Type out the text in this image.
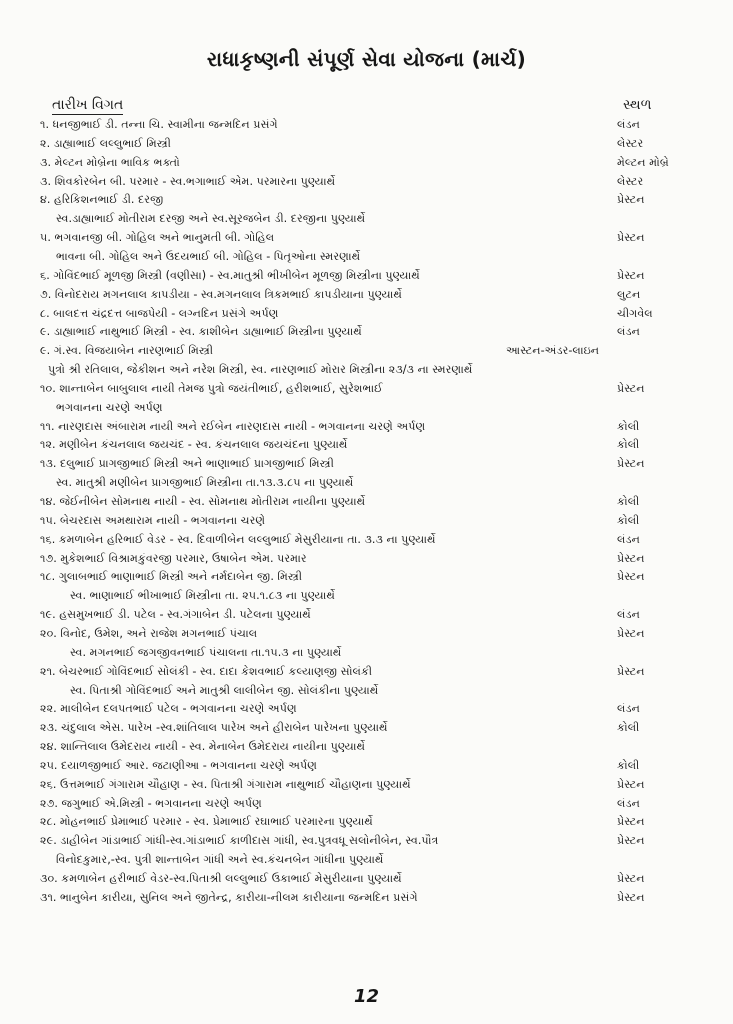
રાધાકૃષ્ણની સંપૂર્ણ સેવા યોજના (માર્ચ)
તારીખ વિગત	સ્થળ
૧. ધનજીભાઈ ડી. તન્ના ચિ. સ્વામીના જન્મદિન પ્રસંગે	લંડન
૨. ડાહ્યાભાઈ લલ્લુભાઈ મિસ્ત્રી	લેસ્ટર
૩. મેલ્ટન મોબ્રેના ભાવિક ભક્તો	મેલ્ટન મોબ્રે
૩. શિવકોરબેન બી. પરમાર - સ્વ.ભગાભાઈ એમ. પરમારના પુણ્યાર્થે	લેસ્ટર
૪. હરિકિશનભાઈ ડી. દરજી	પ્રેસ્ટન
સ્વ.ડાહ્યાભાઈ મોતીરામ દરજી અને સ્વ.સૂરજબેન ડી. દરજીના પુણ્યાર્થે
૫. ભગવાનજી બી. ગોહિલ અને ભાનુમતી બી. ગોહિલ	પ્રેસ્ટન
ભાવના બી. ગોહિલ અને ઉદયભાઈ બી. ગોહિલ - પિતૃઓના સ્મરણાર્થે
૬. ગોવિંદભાઈ મૂળજી મિસ્ત્રી (વણીસા) - સ્વ.માતુશ્રી ભીખીબેન મૂળજી મિસ્ત્રીના પુણ્યાર્થે	પ્રેસ્ટન
૭. વિનોદરાય મગનલાલ કાપડીયા - સ્વ.મગનલાલ ત્રિકમભાઈ કાપડીયાના પુણ્યાર્થે	લુટન
૮. બાલદત્ત ચંદ્રદત્ત બાજપેયી - લગ્નદિન પ્રસંગે અર્પણ	ચીગવેલ
૯. ડાહ્યાભાઈ નાથુભાઈ મિસ્ત્રી - સ્વ. કાશીબેન ડાહ્યાભાઈ મિસ્ત્રીના પુણ્યાર્થે	લંડન
૯. ગં.સ્વ. વિજયાબેન નારણભાઈ મિસ્ત્રી	આસ્ટન-અંડર-લાઇન
પુત્રો શ્રી રતિલાલ, જેકીશન અને નરેશ મિસ્ત્રી, સ્વ. નારણભાઈ મોરાર મિસ્ત્રીના ૨૩/૩ ના સ્મરણાર્થે
૧૦. શાન્તાબેન બાબુલાલ નાયી તેમજ પુત્રો જયંતીભાઈ, હરીશભાઈ, સુરેશભાઈ	પ્રેસ્ટન
ભગવાનના ચરણે અર્પણ
૧૧. નારણદાસ અંબારામ નાયી અને રઈબેન નારણદાસ નાયી - ભગવાનના ચરણે અર્પણ	કોલી
૧૨. મણીબેન કંચનલાલ જયચંદ - સ્વ. કંચનલાલ જયચંદના પુણ્યાર્થે	કોલી
૧૩. દલુભાઈ પ્રાગજીભાઈ મિસ્ત્રી અને ભાણાભાઈ પ્રાગજીભાઈ મિસ્ત્રી	પ્રેસ્ટન
સ્વ. માતુશ્રી મણીબેન પ્રાગજીભાઈ મિસ્ત્રીના તા.૧૩.૩.૮૫ ના પુણ્યાર્થે
૧૪. જેઈનીબેન સોમનાથ નાયી - સ્વ. સોમનાથ મોતીરામ નાયીના પુણ્યાર્થે	કોલી
૧૫. બેચરદાસ અમથારામ નાયી - ભગવાનના ચરણે	કોલી
૧૬. કમળાબેન હરિભાઈ વેડર - સ્વ. દિવાળીબેન લલ્લુભાઈ મેસુરીયાના તા. ૩.૩ ના પુણ્યાર્થે	લંડન
૧૭. મુકેશભાઈ વિશ્રામકુંવરજી પરમાર, ઉષાબેન એમ. પરમાર	પ્રેસ્ટન
૧૮. ગુલાબભાઈ ભાણાભાઈ મિસ્ત્રી અને નર્મદાબેન જી. મિસ્ત્રી	પ્રેસ્ટન
સ્વ. ભાણાભાઈ ભીખાભાઈ મિસ્ત્રીના તા. ૨૫.૧.૮૩ ના પુણ્યાર્થે
૧૯. હસમુખભાઈ ડી. પટેલ - સ્વ.ગંગાબેન ડી. પટેલના પુણ્યાર્થે	લંડન
૨૦. વિનોદ, ઉમેશ, અને રાજેશ મગનભાઈ પંચાલ	પ્રેસ્ટન
સ્વ. મગનભાઈ જગજીવનભાઈ પંચાલના તા.૧૫.૩ ના પુણ્યાર્થે
૨૧. બેચરભાઈ ગોવિંદભાઈ સોલંકી - સ્વ. દાદા કેશવભાઈ કલ્યાણજી સોલંકી	પ્રેસ્ટન
સ્વ. પિતાશ્રી ગોવિંદભાઈ અને માતુશ્રી લાલીબેન જી. સોલંકીના પુણ્યાર્થે
૨૨. માલીબેન દલપતભાઈ પટેલ - ભગવાનના ચરણે અર્પણ	લંડન
૨૩. ચંદુલાલ એસ. પારેખ -સ્વ.શાંતિલાલ પારેખ અને હીરાબેન પારેખના પુણ્યાર્થે	કોલી
૨૪. શાન્તિલાલ ઉમેદરાય નાયી - સ્વ. મેનાબેન ઉમેદરાય નાયીના પુણ્યાર્થે
૨૫. દયાળજીભાઈ આર. જટાણીઆ - ભગવાનના ચરણે અર્પણ	કોલી
૨૬. ઉત્તમભાઈ ગંગારામ ચૌહાણ - સ્વ. પિતાશ્રી ગંગારામ નાથુભાઈ ચૌહાણના પુણ્યાર્થે	પ્રેસ્ટન
૨૭. જગુભાઈ એ.મિસ્ત્રી - ભગવાનના ચરણે અર્પણ	લંડન
૨૮. મોહનભાઈ પ્રેમાભાઈ પરમાર - સ્વ. પ્રેમાભાઈ રઘાભાઈ પરમારના પુણ્યાર્થે	પ્રેસ્ટન
૨૯. ડાહીબેન ગાંડાભાઈ ગાંધી-સ્વ.ગાંડાભાઈ કાળીદાસ ગાંધી, સ્વ.પુત્રવધૂ સલોનીબેન, સ્વ.પૌત્ર	પ્રેસ્ટન
વિનોદકુમાર,-સ્વ. પુત્રી શાન્તાબેન ગાંધી અને સ્વ.કંચનબેન ગાંધીના પુણ્યાર્થે
૩૦. કમળાબેન હરીભાઈ વેડર-સ્વ.પિતાશ્રી લલ્લુભાઈ ઉકાભાઈ મેસુરીયાના પુણ્યાર્થે	પ્રેસ્ટન
૩૧. ભાનુબેન કારીયા, સુનિલ અને જીતેન્દ્ર, કારીયા-નીલમ કારીયાના જન્મદિન પ્રસંગે	પ્રેસ્ટન
12
